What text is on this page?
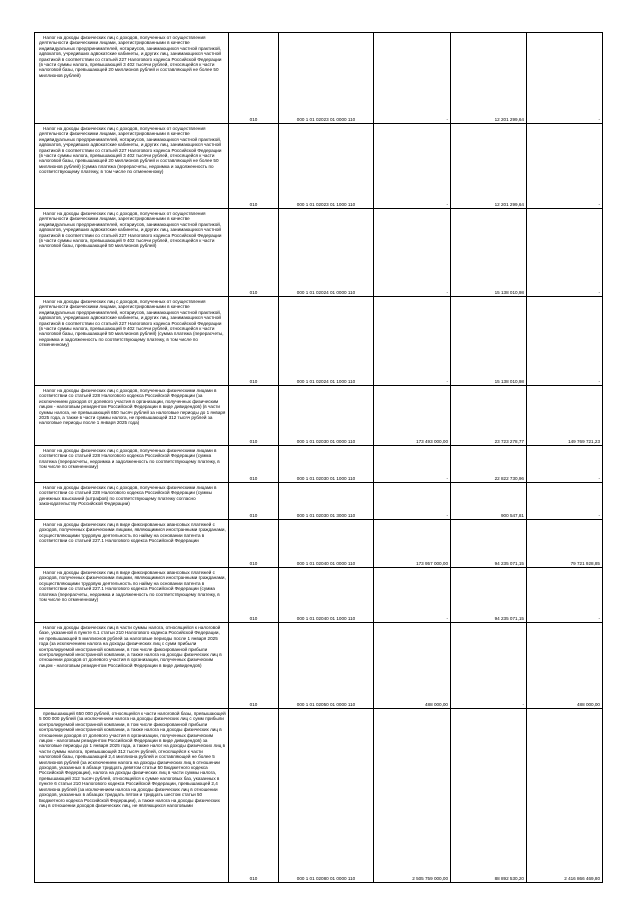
Налог на доходы физических лиц с доходов, полученных от осуществления деятельности физическими лицами, зарегистрированными в качестве индивидуальных предпринимателей, нотариусов, занимающихся частной практикой, адвокатов, учредивших адвокатские кабинеты, и других лиц, занимающихся частной практикой в соответствии со статьей 227 Налогового кодекса Российской Федерации (в части суммы налога, превышающей 3 402 тысячи рублей, относящейся к части налоговой базы, превышающей 20 миллионов рублей и составляющей не более 50 миллионов рублей)	010	000 1 01 02023 01 0000 110	-	12 201 299,64	-

Налог на доходы физических лиц с доходов, полученных от осуществления деятельности физическими лицами, зарегистрированными в качестве индивидуальных предпринимателей, нотариусов, занимающихся частной практикой, адвокатов, учредивших адвокатские кабинеты, и других лиц, занимающихся частной практикой в соответствии со статьей 227 Налогового кодекса Российской Федерации (в части суммы налога, превышающей 3 402 тысячи рублей, относящейся к части налоговой базы, превышающей 20 миллионов рублей и составляющей не более 50 миллионов рублей) (сумма платежа (перерасчеты, недоимка и задолженность по соответствующему платежу, в том числе по отмененному)	010	000 1 01 02023 01 1000 110	-	12 201 299,64	-

Налог на доходы физических лиц с доходов, полученных от осуществления деятельности физическими лицами, зарегистрированными в качестве индивидуальных предпринимателей, нотариусов, занимающихся частной практикой, адвокатов, учредивших адвокатские кабинеты, и других лиц, занимающихся частной практикой в соответствии со статьей 227 Налогового кодекса Российской Федерации (в части суммы налога, превышающей 9 402 тысячи рублей, относящейся к части налоговой базы, превышающей 50 миллионов рублей)	010	000 1 01 02024 01 0000 110	-	15 138 010,98	-

Налог на доходы физических лиц с доходов, полученных от осуществления деятельности физическими лицами, зарегистрированными в качестве индивидуальных предпринимателей, нотариусов, занимающихся частной практикой, адвокатов, учредивших адвокатские кабинеты, и других лиц, занимающихся частной практикой в соответствии со статьей 227 Налогового кодекса Российской Федерации (в части суммы налога, превышающей 9 402 тысячи рублей, относящейся к части налоговой базы, превышающей 50 миллионов рублей) (сумма платежа (перерасчеты, недоимка и задолженность по соответствующему платежу, в том числе по отмененному)	010	000 1 01 02024 01 1000 110	-	15 138 010,98	-

Налог на доходы физических лиц с доходов, полученных физическими лицами в соответствии со статьей 228 Налогового кодекса Российской Федерации (за исключением доходов от долевого участия в организации, полученных физическим лицом - налоговым резидентом Российской Федерации в виде дивидендов) (в части суммы налога, не превышающей 650 тысяч рублей за налоговые периоды до 1 января 2025 года, а также в части суммы налога, не превышающей 312 тысяч рублей за налоговые периоды после 1 января 2025 года)	010	000 1 01 02030 01 0000 110	173 493 000,00	23 723 278,77	149 769 721,23

Налог на доходы физических лиц с доходов, полученных физическими лицами в соответствии со статьей 228 Налогового кодекса Российской Федерации (сумма платежа (перерасчеты, недоимка и задолженность по соответствующему платежу, в том числе по отмененному)	010	000 1 01 02030 01 1000 110	-	22 822 730,96	-

Налог на доходы физических лиц с доходов, полученных физическими лицами в соответствии со статьей 228 Налогового кодекса Российской Федерации (суммы денежных взысканий (штрафов) по соответствующему платежу согласно законодательству Российской Федерации)	010	000 1 01 02030 01 3000 110	-	900 547,81	-

Налог на доходы физических лиц в виде фиксированных авансовых платежей с доходов, полученных физическими лицами, являющимися иностранными гражданами, осуществляющими трудовую деятельность по найму на основании патента в соответствии со статьей 227.1 Налогового кодекса Российской Федерации	010	000 1 01 02040 01 0000 110	173 957 000,00	94 235 071,15	79 721 928,85

Налог на доходы физических лиц в виде фиксированных авансовых платежей с доходов, полученных физическими лицами, являющимися иностранными гражданами, осуществляющими трудовую деятельность по найму на основании патента в соответствии со статьей 227.1 Налогового кодекса Российской Федерации (сумма платежа (перерасчеты, недоимка и задолженность по соответствующему платежу, в том числе по отмененному)	010	000 1 01 02040 01 1000 110	-	94 235 071,15	-

Налог на доходы физических лиц в части суммы налога, относящейся к налоговой базе, указанной в пункте 6.1 статьи 210 Налогового кодекса Российской Федерации, не превышающей 5 миллионов рублей за налоговые периоды после 1 января 2025 года (за исключением налога на доходы физических лиц с сумм прибыли контролируемой иностранной компании, в том числе фиксированной прибыли контролируемой иностранной компании, а также налога на доходы физических лиц в отношении доходов от долевого участия в организации, полученных физическим лицом - налоговым резидентом Российской Федерации в виде дивидендов)	010	000 1 01 02050 01 0000 110	488 000,00	-	488 000,00

превышающей 650 000 рублей, относящейся к части налоговой базы, превышающей 5 000 000 рублей (за исключением налога на доходы физических лиц с сумм прибыли контролируемой иностранной компании, в том числе фиксированной прибыли контролируемой иностранной компании, а также налога на доходы физических лиц в отношении доходов от долевого участия в организации, полученных физическим лицом - налоговым резидентом Российской Федерации в виде дивидендов) за налоговые периоды до 1 января 2025 года, а также налог на доходы физических лиц в части суммы налога, превышающей 312 тысяч рублей, относящейся к части налоговой базы, превышающей 2,4 миллиона рублей и составляющей не более 5 миллионов рублей (за исключением налога на доходы физических лиц в отношении доходов, указанных в абзаце тридцать девятом статьи 50 Бюджетного кодекса Российской Федерации), налога на доходы физических лиц в части суммы налога, превышающей 312 тысяч рублей, относящейся к сумме налоговых баз, указанных в пункте 6 статьи 210 Налогового кодекса Российской Федерации, превышающей 2,4 миллиона рублей (за исключением налога на доходы физических лиц в отношении доходов, указанных в абзацах тридцать пятом и тридцать шестом статьи 50 Бюджетного кодекса Российской Федерации), а также налога на доходы физических лиц в отношении доходов физических лиц, не являющихся налоговыми	010	000 1 01 02080 01 0000 110	2 505 759 000,00	88 892 530,20	2 416 866 469,80
